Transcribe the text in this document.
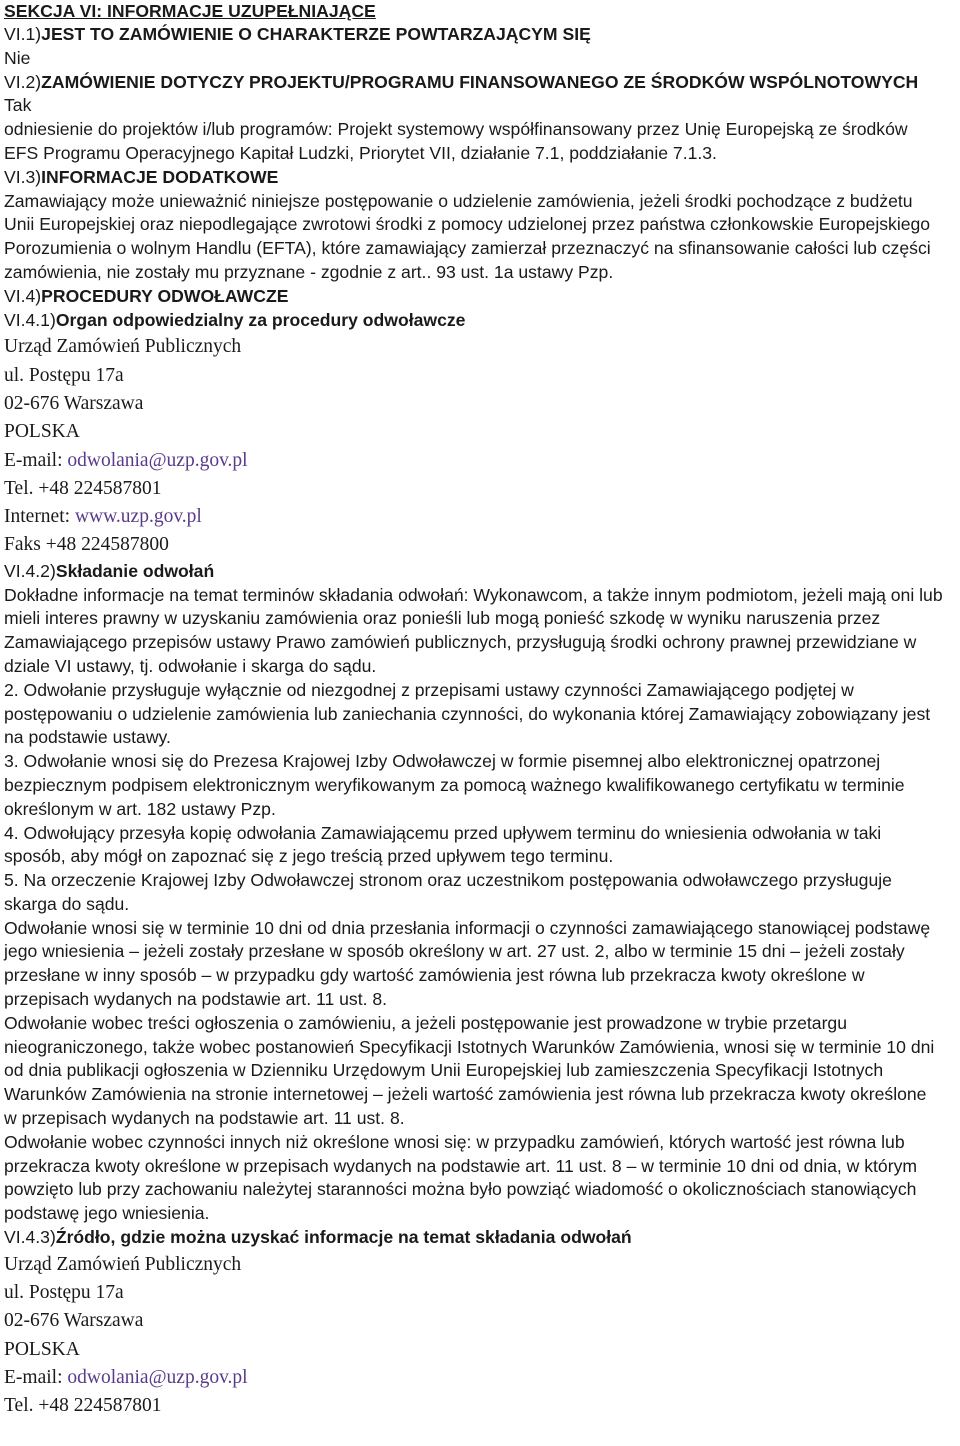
SEKCJA VI: INFORMACJE UZUPEŁNIAJĄCE

VI.1)JEST TO ZAMÓWIENIE O CHARAKTERZE POWTARZAJĄCYM SIĘ

Nie

VI.2)ZAMÓWIENIE DOTYCZY PROJEKTU/PROGRAMU FINANSOWANEGO ZE ŚRODKÓW WSPÓLNOTOWYCH

Tak

odniesienie do projektów i/lub programów: Projekt systemowy współfinansowany przez Unię Europejską ze środków EFS Programu Operacyjnego Kapitał Ludzki, Priorytet VII, działanie 7.1, poddziałanie 7.1.3.

VI.3)INFORMACJE DODATKOWE

Zamawiający może unieważnić niniejsze postępowanie o udzielenie zamówienia, jeżeli środki pochodzące z budżetu Unii Europejskiej oraz niepodlegające zwrotowi środki z pomocy udzielonej przez państwa członkowskie Europejskiego Porozumienia o wolnym Handlu (EFTA), które zamawiający zamierzał przeznaczyć na sfinansowanie całości lub części zamówienia, nie zostały mu przyznane - zgodnie z art.. 93 ust. 1a ustawy Pzp.

VI.4)PROCEDURY ODWOŁAWCZE

VI.4.1)Organ odpowiedzialny za procedury odwoławcze

Urząd Zamówień Publicznych

ul. Postępu 17a

02-676 Warszawa

POLSKA

E-mail: odwolania@uzp.gov.pl

Tel. +48 224587801

Internet: www.uzp.gov.pl

Faks +48 224587800

VI.4.2)Składanie odwołań

Dokładne informacje na temat terminów składania odwołań: Wykonawcom, a także innym podmiotom, jeżeli mają oni lub mieli interes prawny w uzyskaniu zamówienia oraz ponieśli lub mogą ponieść szkodę w wyniku naruszenia przez Zamawiającego przepisów ustawy Prawo zamówień publicznych, przysługują środki ochrony prawnej przewidziane w dziale VI ustawy, tj. odwołanie i skarga do sądu.

2. Odwołanie przysługuje wyłącznie od niezgodnej z przepisami ustawy czynności Zamawiającego podjętej w postępowaniu o udzielenie zamówienia lub zaniechania czynności, do wykonania której Zamawiający zobowiązany jest na podstawie ustawy.

3. Odwołanie wnosi się do Prezesa Krajowej Izby Odwoławczej w formie pisemnej albo elektronicznej opatrzonej bezpiecznym podpisem elektronicznym weryfikowanym za pomocą ważnego kwalifikowanego certyfikatu w terminie określonym w art. 182 ustawy Pzp.

4. Odwołujący przesyła kopię odwołania Zamawiającemu przed upływem terminu do wniesienia odwołania w taki sposób, aby mógł on zapoznać się z jego treścią przed upływem tego terminu.

5. Na orzeczenie Krajowej Izby Odwoławczej stronom oraz uczestnikom postępowania odwoławczego przysługuje skarga do sądu.

Odwołanie wnosi się w terminie 10 dni od dnia przesłania informacji o czynności zamawiającego stanowiącej podstawę jego wniesienia – jeżeli zostały przesłane w sposób określony w art. 27 ust. 2, albo w terminie 15 dni – jeżeli zostały przesłane w inny sposób – w przypadku gdy wartość zamówienia jest równa lub przekracza kwoty określone w przepisach wydanych na podstawie art. 11 ust. 8.

Odwołanie wobec treści ogłoszenia o zamówieniu, a jeżeli postępowanie jest prowadzone w trybie przetargu nieograniczonego, także wobec postanowień Specyfikacji Istotnych Warunków Zamówienia, wnosi się w terminie 10 dni od dnia publikacji ogłoszenia w Dzienniku Urzędowym Unii Europejskiej lub zamieszczenia Specyfikacji Istotnych Warunków Zamówienia na stronie internetowej – jeżeli wartość zamówienia jest równa lub przekracza kwoty określone w przepisach wydanych na podstawie art. 11 ust. 8.

Odwołanie wobec czynności innych niż określone wnosi się: w przypadku zamówień, których wartość jest równa lub przekracza kwoty określone w przepisach wydanych na podstawie art. 11 ust. 8 – w terminie 10 dni od dnia, w którym powzięto lub przy zachowaniu należytej staranności można było powziąć wiadomość o okolicznościach stanowiących podstawę jego wniesienia.

VI.4.3)Źródło, gdzie można uzyskać informacje na temat składania odwołań

Urząd Zamówień Publicznych

ul. Postępu 17a

02-676 Warszawa

POLSKA

E-mail: odwolania@uzp.gov.pl

Tel. +48 224587801
